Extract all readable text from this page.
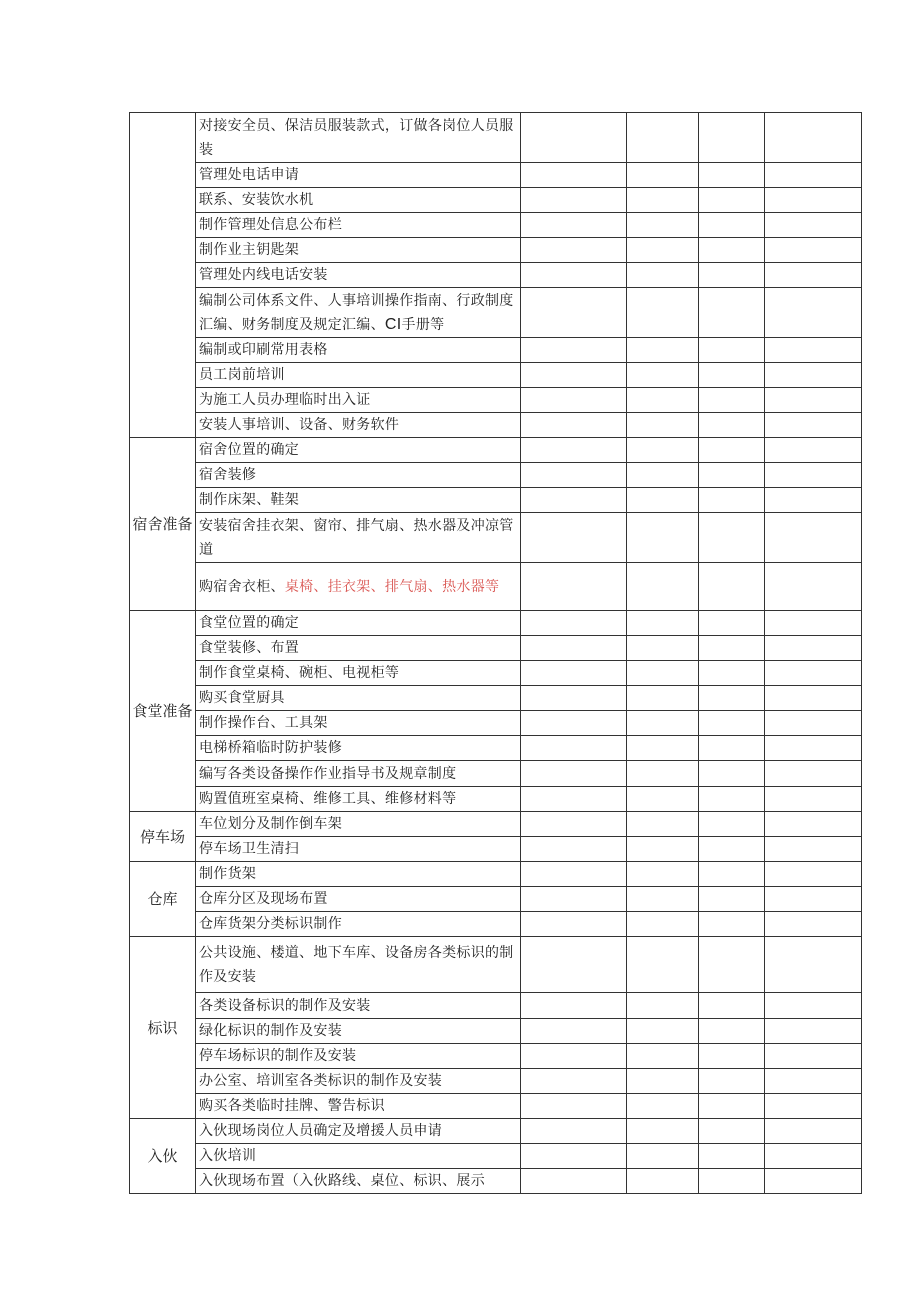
	对接安全员、保洁员服装款式，订做各岗位人员服装				
	管理处电话申请				
	联系、安装饮水机				
	制作管理处信息公布栏				
	制作业主钥匙架				
	管理处内线电话安装				
	编制公司体系文件、人事培训操作指南、行政制度汇编、财务制度及规定汇编、CI手册等				
	编制或印刷常用表格				
	员工岗前培训				
	为施工人员办理临时出入证				
	安装人事培训、设备、财务软件				
宿舍准备	宿舍位置的确定				
	宿舍装修				
	制作床架、鞋架				
	安装宿舍挂衣架、窗帘、排气扇、热水器及冲凉管道				
	购宿舍衣柜、桌椅、挂衣架、排气扇、热水器等				
食堂准备	食堂位置的确定				
	食堂装修、布置				
	制作食堂桌椅、碗柜、电视柜等				
	购买食堂厨具				
	制作操作台、工具架				
	电梯桥箱临时防护装修				
	编写各类设备操作作业指导书及规章制度				
	购置值班室桌椅、维修工具、维修材料等				
停车场	车位划分及制作倒车架				
	停车场卫生清扫				
仓库	制作货架				
	仓库分区及现场布置				
	仓库货架分类标识制作				
标识	公共设施、楼道、地下车库、设备房各类标识的制作及安装				
	各类设备标识的制作及安装				
	绿化标识的制作及安装				
	停车场标识的制作及安装				
	办公室、培训室各类标识的制作及安装				
	购买各类临时挂牌、警告标识				
入伙	入伙现场岗位人员确定及增援人员申请				
	入伙培训				
	入伙现场布置（入伙路线、桌位、标识、展示				
